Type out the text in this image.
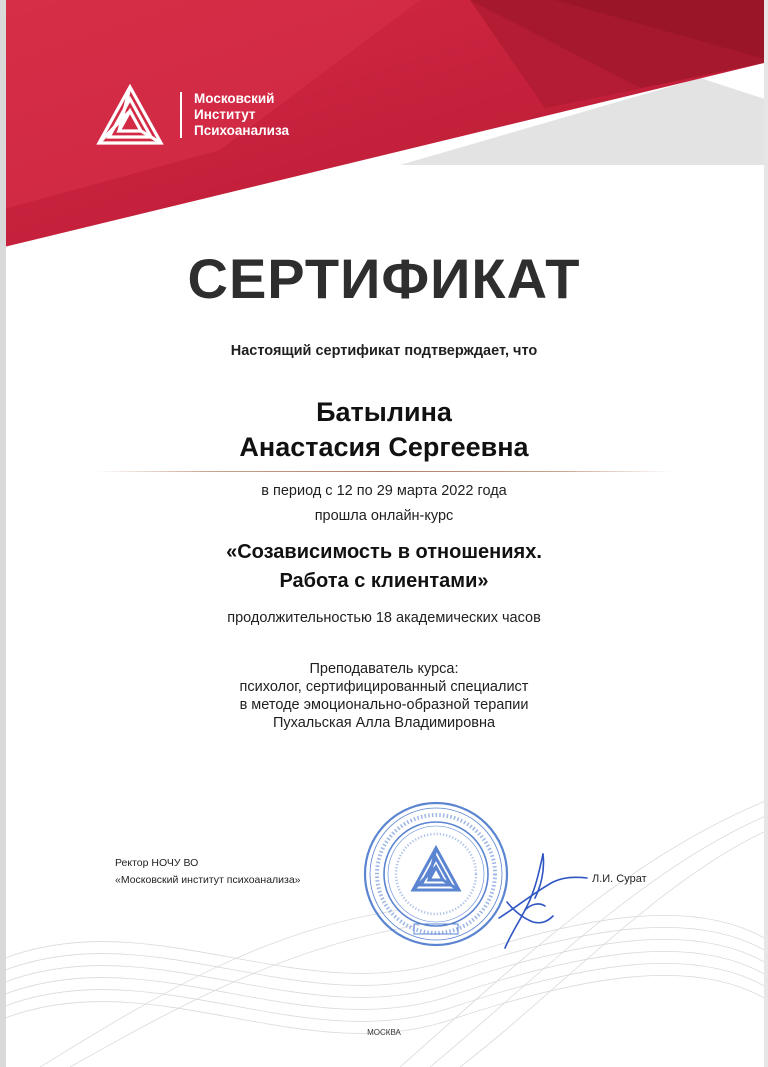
Московский
Институт
Психоанализа
СЕРТИФИКАТ
Настоящий сертификат подтверждает, что
Батылина
Анастасия Сергеевна
в период с 12 по 29 марта 2022 года
прошла онлайн-курс
«Созависимость в отношениях.
Работа с клиентами»
продолжительностью 18 академических часов
Преподаватель курса:
психолог, сертифицированный специалист
в методе эмоционально-образной терапии
Пухальская Алла Владимировна
Ректор НОЧУ ВО
«Московский институт психоанализа»	Л.И. Сурат
МОСКВА
